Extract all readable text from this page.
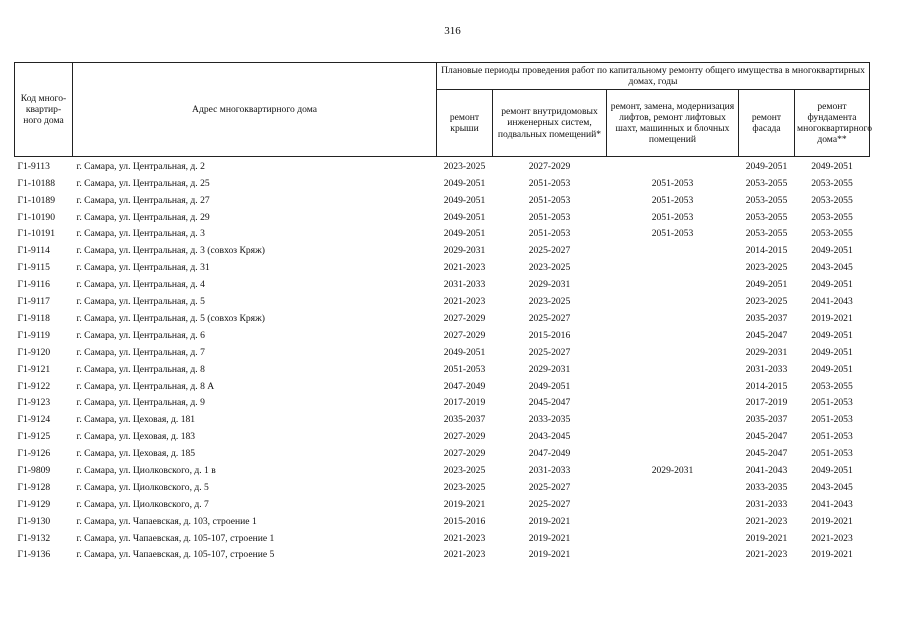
316
Код много-квартир-ного дома	Адрес многоквартирного дома	Плановые периоды проведения работ по капитальному ремонту общего имущества в многоквартирных домах, годы				
		ремонт крыши	ремонт внутридомовых инженерных систем, подвальных помещений*	ремонт, замена, модернизация лифтов, ремонт лифтовых шахт, машинных и блочных помещений	ремонт фасада	ремонт фундамента многоквартирного дома**
Г1-9113	г. Самара, ул. Центральная, д. 2	2023-2025	2027-2029		2049-2051	2049-2051
Г1-10188	г. Самара, ул. Центральная, д. 25	2049-2051	2051-2053	2051-2053	2053-2055	2053-2055
Г1-10189	г. Самара, ул. Центральная, д. 27	2049-2051	2051-2053	2051-2053	2053-2055	2053-2055
Г1-10190	г. Самара, ул. Центральная, д. 29	2049-2051	2051-2053	2051-2053	2053-2055	2053-2055
Г1-10191	г. Самара, ул. Центральная, д. 3	2049-2051	2051-2053	2051-2053	2053-2055	2053-2055
Г1-9114	г. Самара, ул. Центральная, д. 3 (совхоз Кряж)	2029-2031	2025-2027		2014-2015	2049-2051
Г1-9115	г. Самара, ул. Центральная, д. 31	2021-2023	2023-2025		2023-2025	2043-2045
Г1-9116	г. Самара, ул. Центральная, д. 4	2031-2033	2029-2031		2049-2051	2049-2051
Г1-9117	г. Самара, ул. Центральная, д. 5	2021-2023	2023-2025		2023-2025	2041-2043
Г1-9118	г. Самара, ул. Центральная, д. 5 (совхоз Кряж)	2027-2029	2025-2027		2035-2037	2019-2021
Г1-9119	г. Самара, ул. Центральная, д. 6	2027-2029	2015-2016		2045-2047	2049-2051
Г1-9120	г. Самара, ул. Центральная, д. 7	2049-2051	2025-2027		2029-2031	2049-2051
Г1-9121	г. Самара, ул. Центральная, д. 8	2051-2053	2029-2031		2031-2033	2049-2051
Г1-9122	г. Самара, ул. Центральная, д. 8 А	2047-2049	2049-2051		2014-2015	2053-2055
Г1-9123	г. Самара, ул. Центральная, д. 9	2017-2019	2045-2047		2017-2019	2051-2053
Г1-9124	г. Самара, ул. Цеховая, д. 181	2035-2037	2033-2035		2035-2037	2051-2053
Г1-9125	г. Самара, ул. Цеховая, д. 183	2027-2029	2043-2045		2045-2047	2051-2053
Г1-9126	г. Самара, ул. Цеховая, д. 185	2027-2029	2047-2049		2045-2047	2051-2053
Г1-9809	г. Самара, ул. Циолковского, д. 1 в	2023-2025	2031-2033	2029-2031	2041-2043	2049-2051
Г1-9128	г. Самара, ул. Циолковского, д. 5	2023-2025	2025-2027		2033-2035	2043-2045
Г1-9129	г. Самара, ул. Циолковского, д. 7	2019-2021	2025-2027		2031-2033	2041-2043
Г1-9130	г. Самара, ул. Чапаевская, д. 103, строение 1	2015-2016	2019-2021		2021-2023	2019-2021
Г1-9132	г. Самара, ул. Чапаевская, д. 105-107, строение 1	2021-2023	2019-2021		2019-2021	2021-2023
Г1-9136	г. Самара, ул. Чапаевская, д. 105-107, строение 5	2021-2023	2019-2021		2021-2023	2019-2021
